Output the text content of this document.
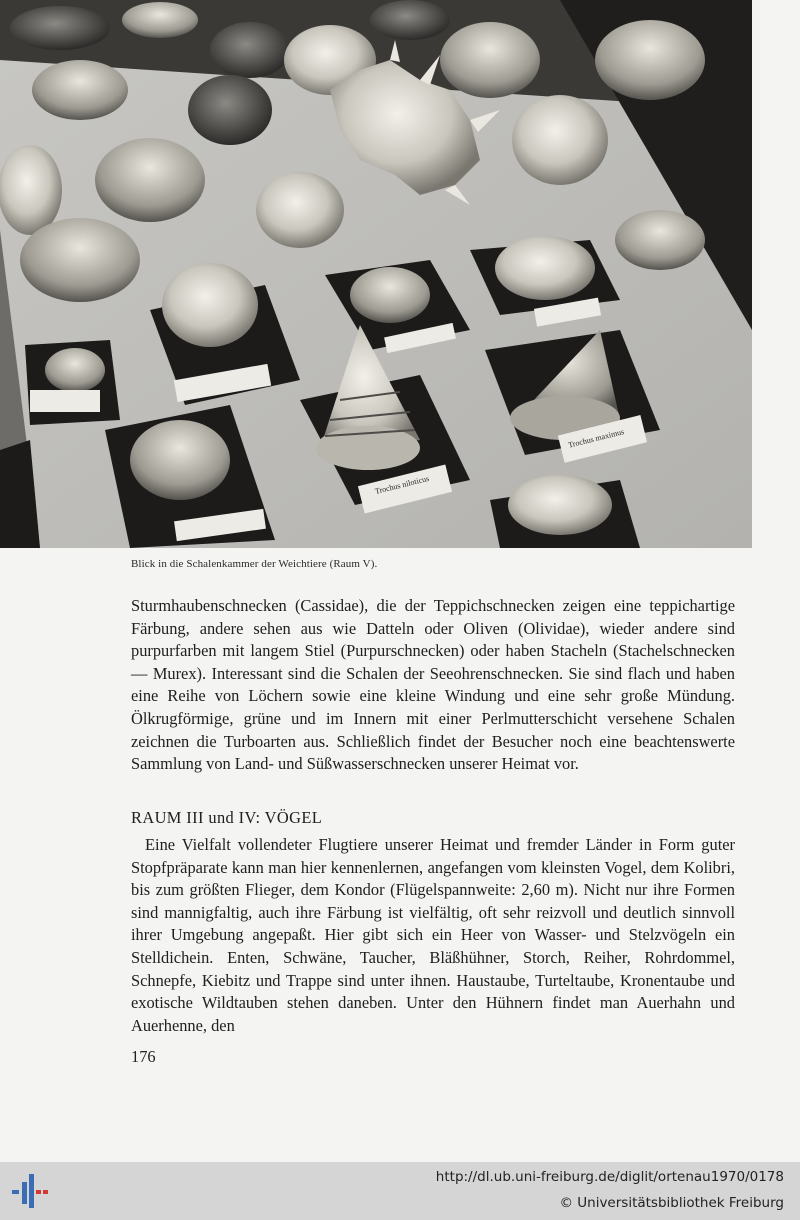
Trochus niloticus
Trochus maximus
Blick in die Schalenkammer der Weichtiere (Raum V).

Sturmhaubenschnecken (Cassidae), die der Teppichschnecken zeigen eine teppichartige Färbung, andere sehen aus wie Datteln oder Oliven (Olividae), wieder andere sind purpurfarben mit langem Stiel (Purpurschnecken) oder haben Stacheln (Stachelschnecken — Murex). Interessant sind die Schalen der Seeohrenschnecken. Sie sind flach und haben eine Reihe von Löchern sowie eine kleine Windung und eine sehr große Mündung. Ölkrugförmige, grüne und im Innern mit einer Perlmutterschicht versehene Schalen zeichnen die Turboarten aus. Schließlich findet der Besucher noch eine beachtenswerte Sammlung von Land- und Süßwasserschnecken unserer Heimat vor.

RAUM III und IV: VÖGEL

Eine Vielfalt vollendeter Flugtiere unserer Heimat und fremder Länder in Form guter Stopfpräparate kann man hier kennenlernen, angefangen vom kleinsten Vogel, dem Kolibri, bis zum größten Flieger, dem Kondor (Flügelspannweite: 2,60 m). Nicht nur ihre Formen sind mannigfaltig, auch ihre Färbung ist vielfältig, oft sehr reizvoll und deutlich sinnvoll ihrer Umgebung angepaßt. Hier gibt sich ein Heer von Wasser- und Stelzvögeln ein Stelldichein. Enten, Schwäne, Taucher, Bläßhühner, Storch, Reiher, Rohrdommel, Schnepfe, Kiebitz und Trappe sind unter ihnen. Haustaube, Turteltaube, Kronentaube und exotische Wildtauben stehen daneben. Unter den Hühnern findet man Auerhahn und Auerhenne, den

176
http://dl.ub.uni-freiburg.de/diglit/ortenau1970/0178
© Universitätsbibliothek Freiburg
